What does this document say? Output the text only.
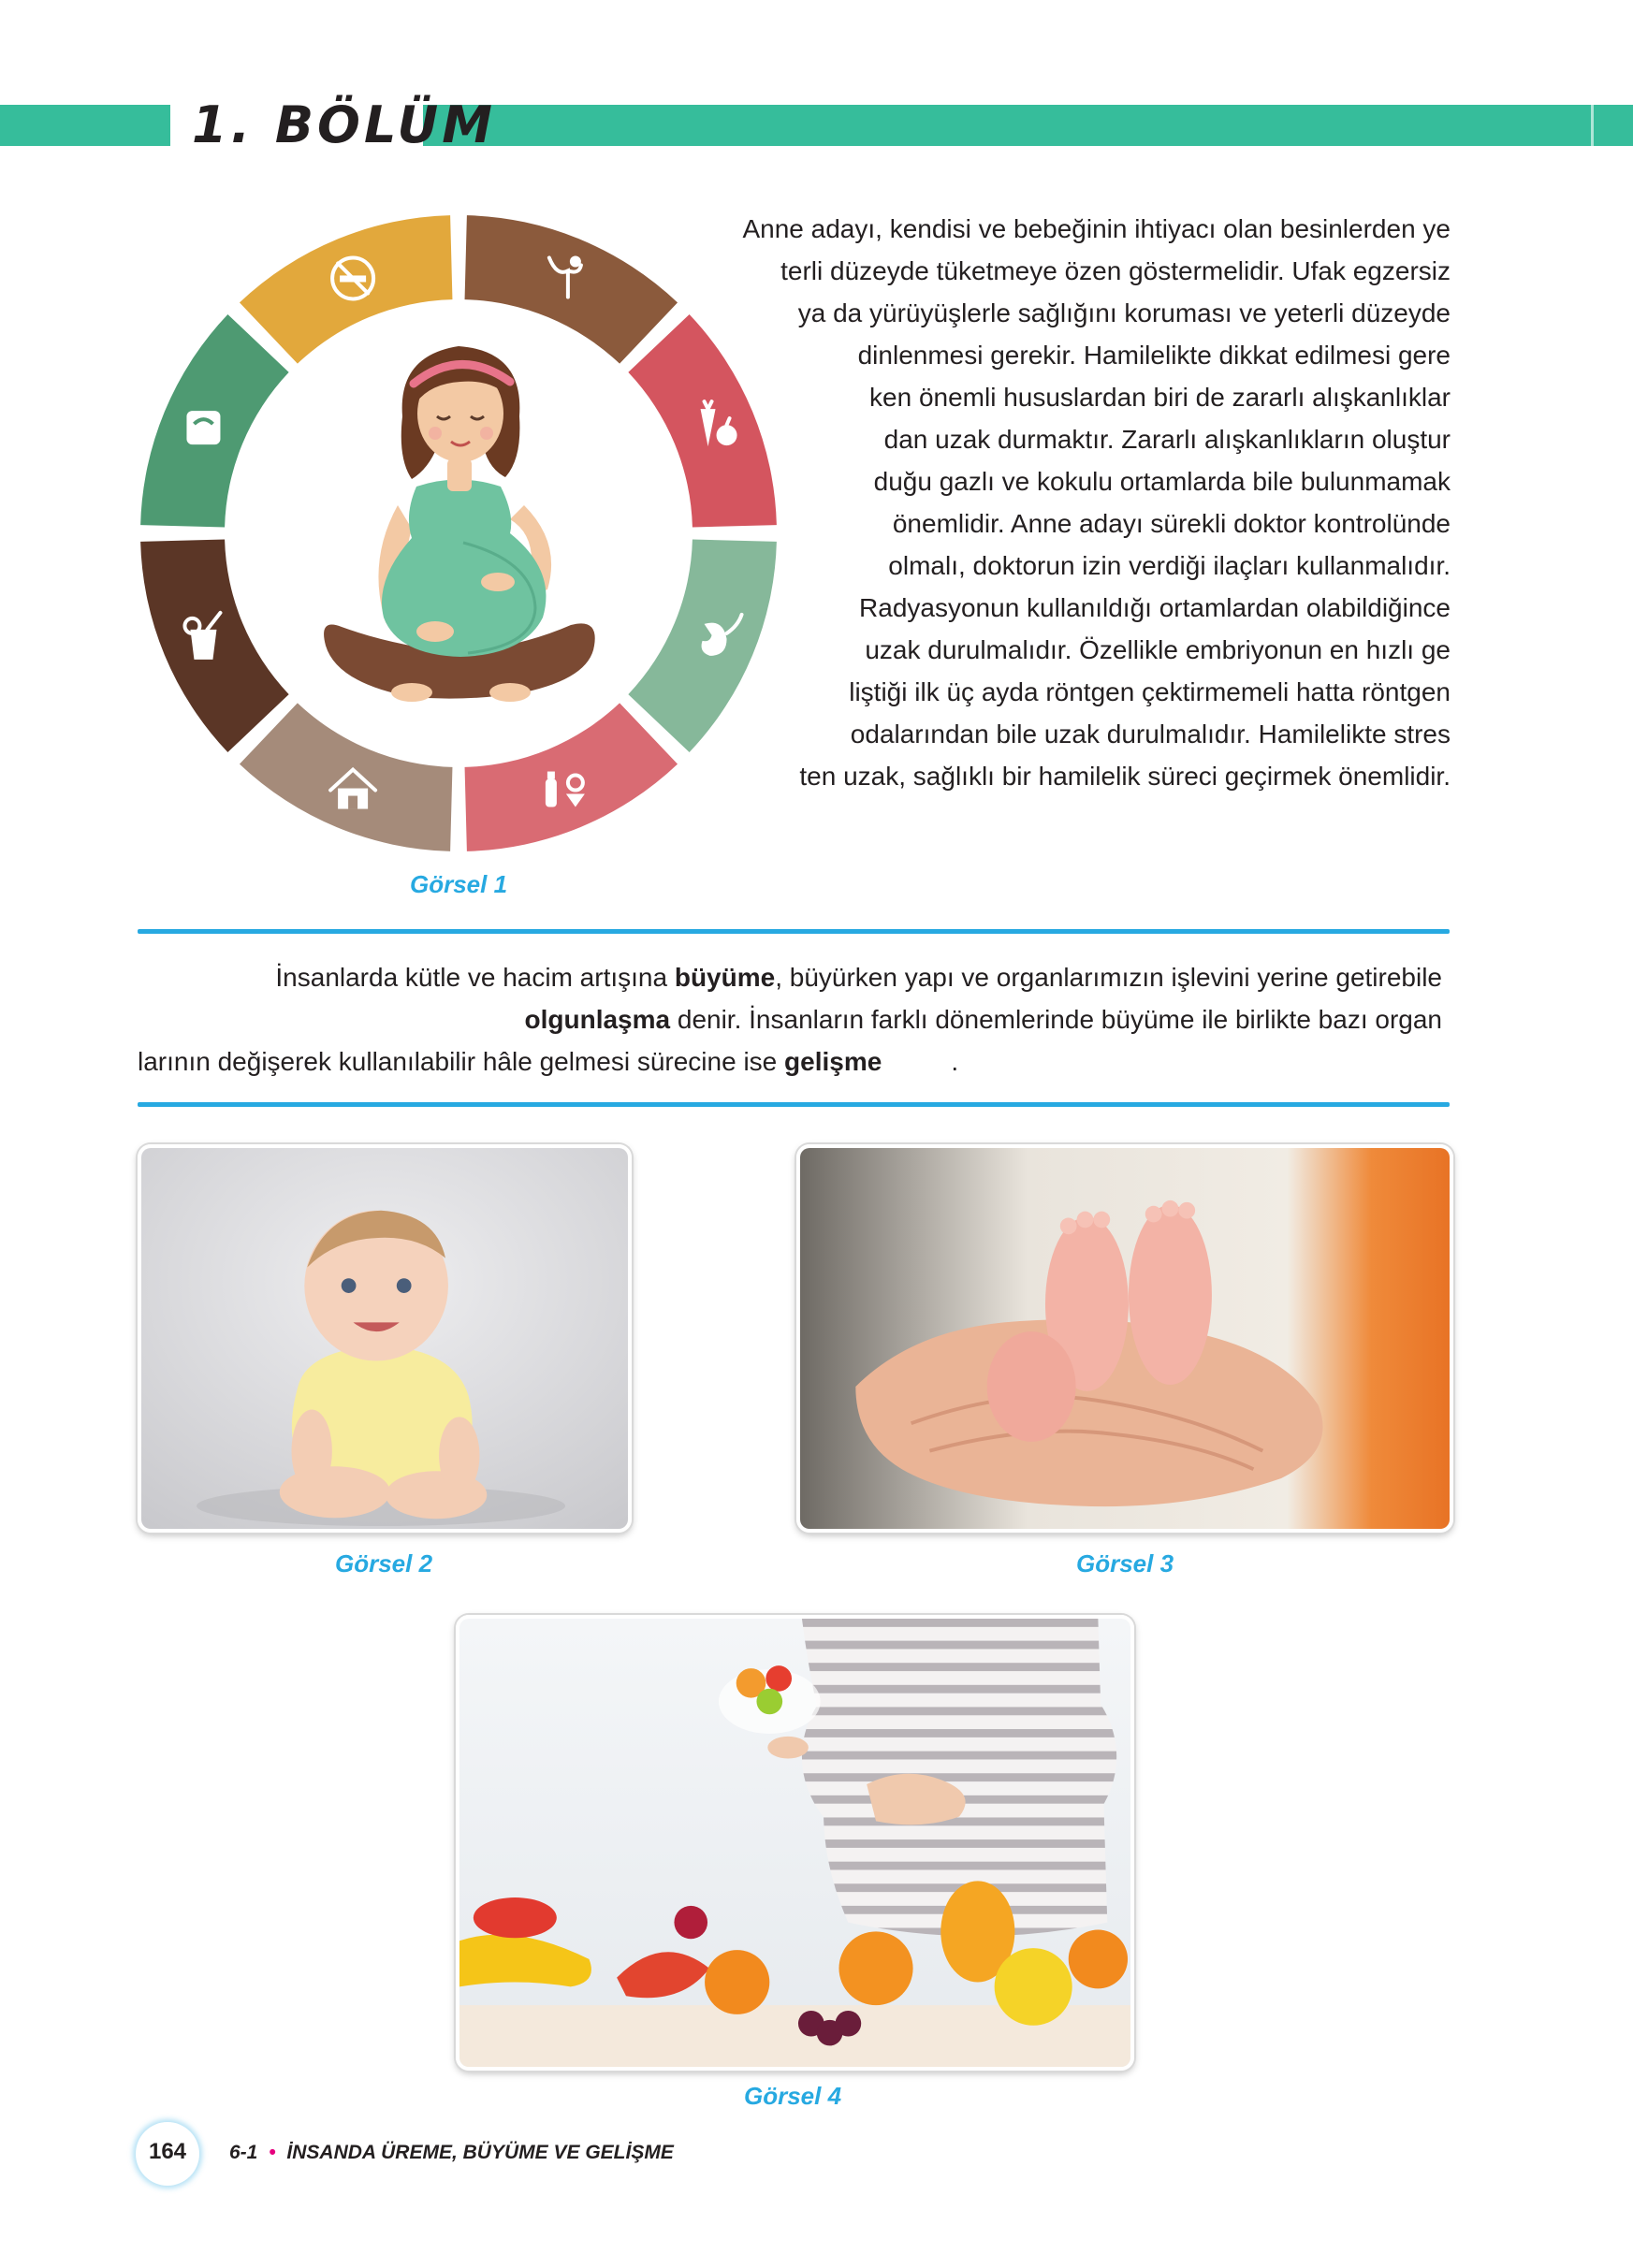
1. BÖLÜM
Görsel 1
Anne adayı, kendisi ve bebeğinin ihtiyacı olan besinlerden ye
terli düzeyde tüketmeye özen göstermelidir. Ufak egzersiz
ya da yürüyüşlerle sağlığını koruması ve yeterli düzeyde
dinlenmesi gerekir. Hamilelikte dikkat edilmesi gere
ken önemli hususlardan biri de zararlı alışkanlıklar
dan uzak durmaktır. Zararlı alışkanlıkların oluştur
duğu gazlı ve kokulu ortamlarda bile bulunmamak
önemlidir. Anne adayı sürekli doktor kontrolünde
olmalı, doktorun izin verdiği ilaçları kullanmalıdır.
Radyasyonun kullanıldığı ortamlardan olabildiğince
uzak durulmalıdır. Özellikle embriyonun en hızlı ge
liştiği ilk üç ayda röntgen çektirmemeli hatta röntgen
odalarından bile uzak durulmalıdır. Hamilelikte stres
ten uzak, sağlıklı bir hamilelik süreci geçirmek önemlidir.
İnsanlarda kütle ve hacim artışına büyüme, büyürken yapı ve organlarımızın işlevini yerine getirebile
olgunlaşma denir. İnsanların farklı dönemlerinde büyüme ile birlikte bazı organ
larının değişerek kullanılabilir hâle gelmesi sürecine ise gelişme	.
Görsel 2	Görsel 3
Görsel 4
164	6-1 • İNSANDA ÜREME, BÜYÜME VE GELİŞME
